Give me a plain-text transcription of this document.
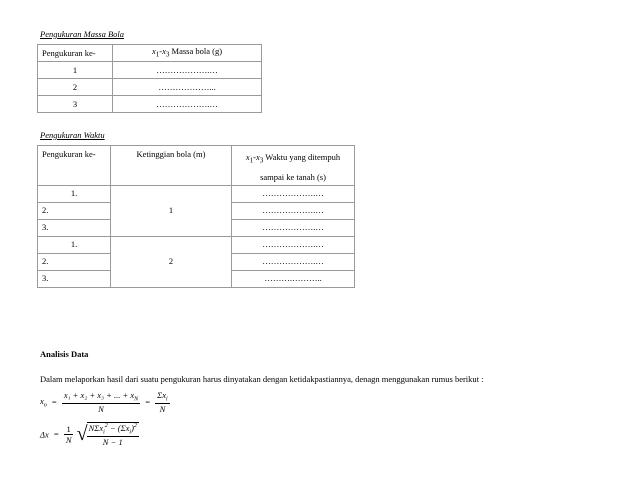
Pengukuran Massa Bola
Pengukuran ke-	$x_1-x_3$ Massa bola (g)
1	……………….…
2	………………...
3	……………….…
Pengukuran Waktu
Pengukuran ke-	Ketinggian bola (m)	$x_1-x_3$ Waktu yang ditempuh
sampai ke tanah (s)
1.	1	……………….…
2.		……………….…
3.		……………….…
1.	2	……………….…
2.		……………….…
3.		……….………..
Analisis Data
Dalam melaporkan hasil dari suatu pengukuran harus dinyatakan dengan ketidakpastiannya, denagn menggunakan rumus berikut :
$x_o = \frac{x_1 + x_2 + x_3 + ... + x_N}{N} = \frac{\Sigma x_i}{N}$
$\Delta x = \frac{1}{N}$ √ $\frac{N\Sigma x_i^2 - (\Sigma x_i)^2}{N - 1}$
